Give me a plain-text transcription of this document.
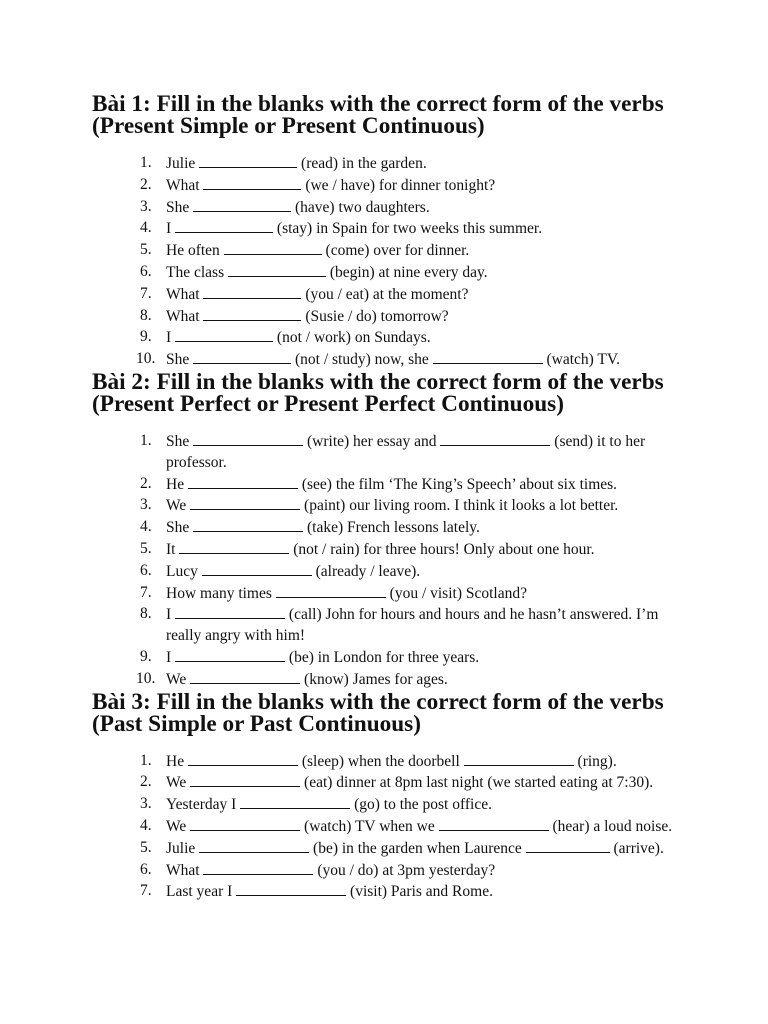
Bài 1: Fill in the blanks with the correct form of the verbs (Present Simple or Present Continuous)
1. Julie	(read) in the garden.
2. What	(we / have) for dinner tonight?
3. She	(have) two daughters.
4. I	(stay) in Spain for two weeks this summer.
5. He often	(come) over for dinner.
6. The class	(begin) at nine every day.
7. What	(you / eat) at the moment?
8. What	(Susie / do) tomorrow?
9. I	(not / work) on Sundays.
10. She	(not / study) now, she	(watch) TV.
Bài 2: Fill in the blanks with the correct form of the verbs (Present Perfect or Present Perfect Continuous)
1. She	(write) her essay and	(send) it to her professor.
2. He	(see) the film ‘The King’s Speech’ about six times.
3. We	(paint) our living room. I think it looks a lot better.
4. She	(take) French lessons lately.
5. It	(not / rain) for three hours! Only about one hour.
6. Lucy	(already / leave).
7. How many times	(you / visit) Scotland?
8. I	(call) John for hours and hours and he hasn’t answered. I’m really angry with him!
9. I	(be) in London for three years.
10. We	(know) James for ages.
Bài 3: Fill in the blanks with the correct form of the verbs (Past Simple or Past Continuous)
1. He	(sleep) when the doorbell	(ring).
2. We	(eat) dinner at 8pm last night (we started eating at 7:30).
3. Yesterday I	(go) to the post office.
4. We	(watch) TV when we	(hear) a loud noise.
5. Julie	(be) in the garden when Laurence	(arrive).
6. What	(you / do) at 3pm yesterday?
7. Last year I	(visit) Paris and Rome.
